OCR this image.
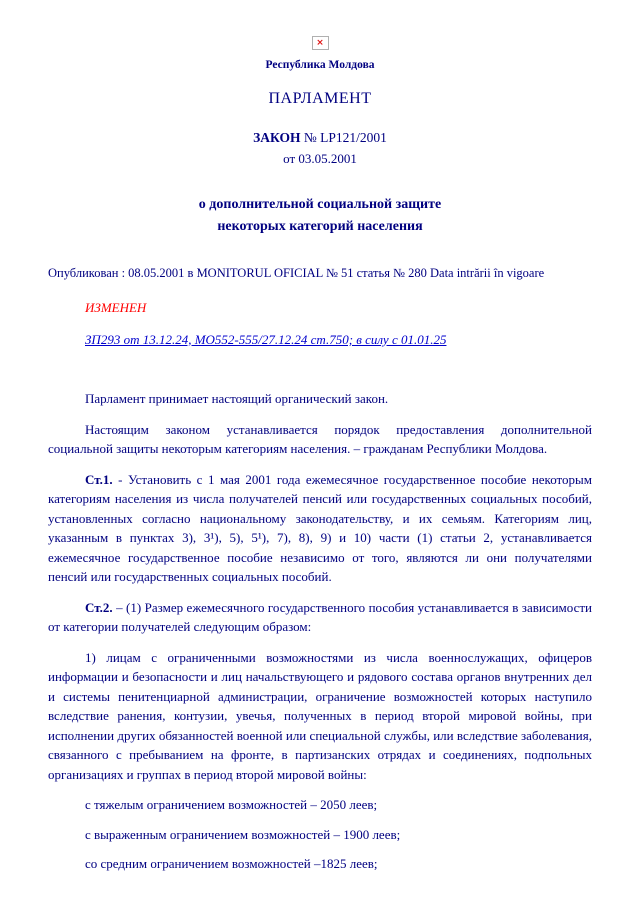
×
Республика Молдова
ПАРЛАМЕНТ
ЗАКОН № LP121/2001
от 03.05.2001
о дополнительной социальной защите
некоторых категорий населения
Опубликован : 08.05.2001 в MONITORUL OFICIAL № 51 статья № 280 Data intrării în vigoare
ИЗМЕНЕН
ЗП293 от 13.12.24, МО552-555/27.12.24 ст.750; в силу с 01.01.25

Парламент принимает настоящий органический закон.

Настоящим законом устанавливается порядок предоставления дополнительной социальной защиты некоторым категориям населения. – гражданам Республики Молдова.

Ст.1. - Установить с 1 мая 2001 года ежемесячное государственное пособие некоторым категориям населения из числа получателей пенсий или государственных социальных пособий, установленных согласно национальному законодательству, и их семьям. Категориям лиц, указанным в пунктах 3), 3¹), 5), 5¹), 7), 8), 9) и 10) части (1) статьи 2, устанавливается ежемесячное государственное пособие независимо от того, являются ли они получателями пенсий или государственных социальных пособий.

Ст.2. – (1) Размер ежемесячного государственного пособия устанавливается в зависимости от категории получателей следующим образом:

1) лицам с ограниченными возможностями из числа военнослужащих, офицеров информации и безопасности и лиц начальствующего и рядового состава органов внутренних дел и системы пенитенциарной администрации, ограничение возможностей которых наступило вследствие ранения, контузии, увечья, полученных в период второй мировой войны, при исполнении других обязанностей военной или специальной службы, или вследствие заболевания, связанного с пребыванием на фронте, в партизанских отрядах и соединениях, подпольных организациях и группах в период второй мировой войны:

с тяжелым ограничением возможностей – 2050 леев;

с выраженным ограничением возможностей – 1900 леев;

со средним ограничением возможностей –1825 леев;
